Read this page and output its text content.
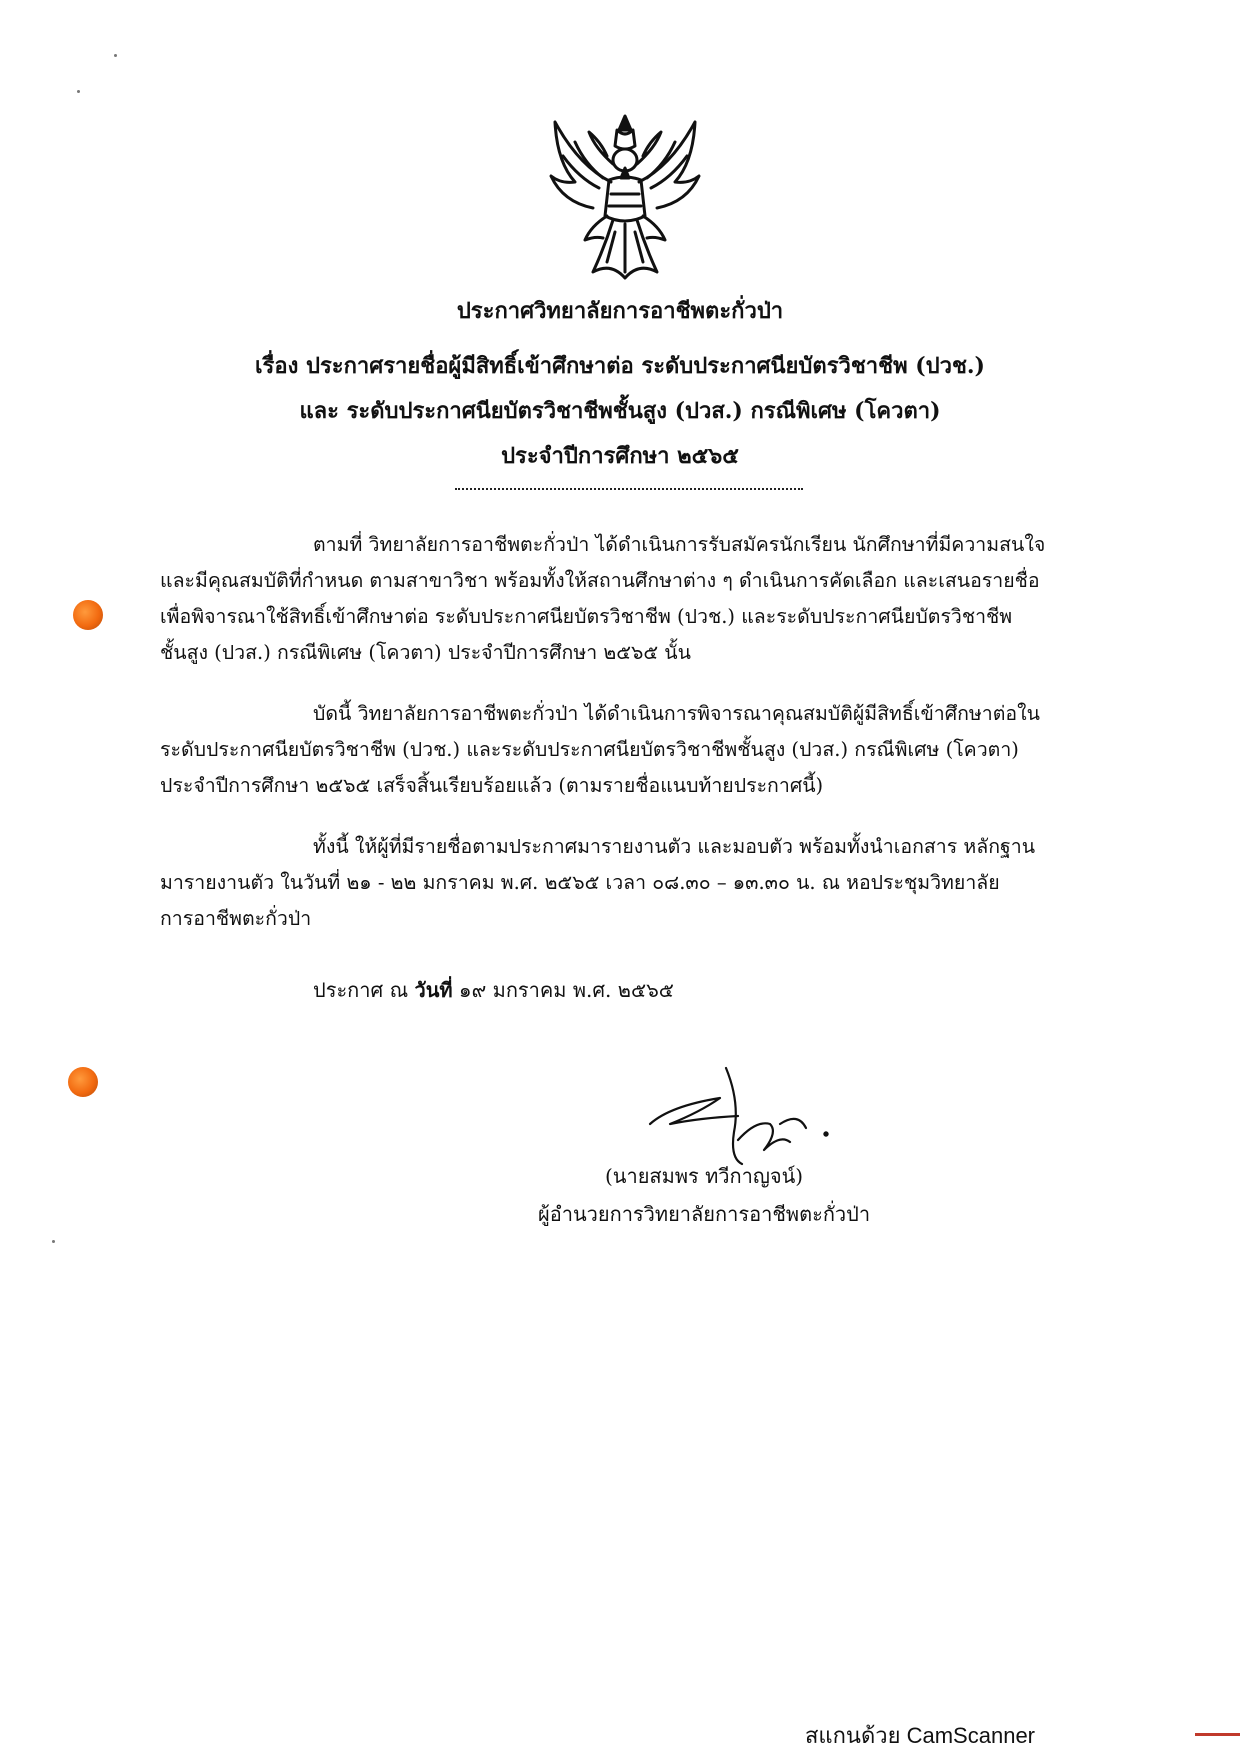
ประกาศวิทยาลัยการอาชีพตะกั่วป่า
เรื่อง ประกาศรายชื่อผู้มีสิทธิ์เข้าศึกษาต่อ ระดับประกาศนียบัตรวิชาชีพ (ปวช.)
และ ระดับประกาศนียบัตรวิชาชีพชั้นสูง (ปวส.) กรณีพิเศษ (โควตา)
ประจำปีการศึกษา ๒๕๖๕
ตามที่ วิทยาลัยการอาชีพตะกั่วป่า ได้ดำเนินการรับสมัครนักเรียน นักศึกษาที่มีความสนใจ
และมีคุณสมบัติที่กำหนด ตามสาขาวิชา พร้อมทั้งให้สถานศึกษาต่าง ๆ ดำเนินการคัดเลือก และเสนอรายชื่อ
เพื่อพิจารณาใช้สิทธิ์เข้าศึกษาต่อ ระดับประกาศนียบัตรวิชาชีพ (ปวช.) และระดับประกาศนียบัตรวิชาชีพ
ชั้นสูง (ปวส.) กรณีพิเศษ (โควตา) ประจำปีการศึกษา ๒๕๖๕ นั้น
บัดนี้ วิทยาลัยการอาชีพตะกั่วป่า ได้ดำเนินการพิจารณาคุณสมบัติผู้มีสิทธิ์เข้าศึกษาต่อใน
ระดับประกาศนียบัตรวิชาชีพ (ปวช.) และระดับประกาศนียบัตรวิชาชีพชั้นสูง (ปวส.) กรณีพิเศษ (โควตา)
ประจำปีการศึกษา ๒๕๖๕ เสร็จสิ้นเรียบร้อยแล้ว (ตามรายชื่อแนบท้ายประกาศนี้)
ทั้งนี้ ให้ผู้ที่มีรายชื่อตามประกาศมารายงานตัว และมอบตัว พร้อมทั้งนำเอกสาร หลักฐาน
มารายงานตัว ในวันที่ ๒๑ - ๒๒ มกราคม พ.ศ. ๒๕๖๕ เวลา ๐๘.๓๐ – ๑๓.๓๐ น. ณ หอประชุมวิทยาลัย
การอาชีพตะกั่วป่า
ประกาศ ณ วันที่ ๑๙ มกราคม พ.ศ. ๒๕๖๕
(นายสมพร ทวีกาญจน์)
ผู้อำนวยการวิทยาลัยการอาชีพตะกั่วป่า
สแกนด้วย CamScanner
